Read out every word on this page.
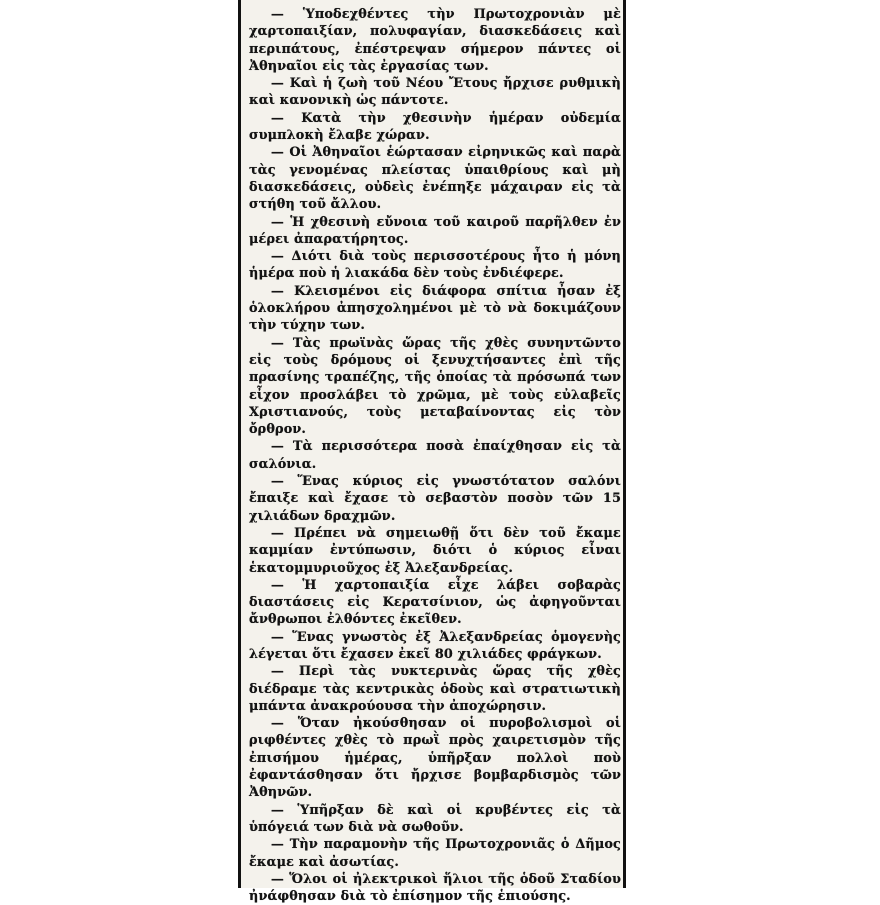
— Ὑποδεχθέντες τὴν Πρωτοχρονιὰν μὲ χαρτοπαιξίαν, πολυφαγίαν, διασκεδάσεις καὶ περιπάτους, ἐπέστρεψαν σήμερον πάντες οἱ Ἀθηναῖοι εἰς τὰς ἐργασίας των.

— Καὶ ἡ ζωὴ τοῦ Νέου Ἔτους ἤρχισε ρυθμικὴ καὶ κανονικὴ ὡς πάντοτε.

— Κατὰ τὴν χθεσινὴν ἡμέραν οὐδεμία συμπλοκὴ ἔλαβε χώραν.

— Οἱ Ἀθηναῖοι ἑώρτασαν εἰρηνικῶς καὶ παρὰ τὰς γενομένας πλείστας ὑπαιθρίους καὶ μὴ διασκεδάσεις, οὐδεὶς ἐνέπηξε μάχαιραν εἰς τὰ στήθη τοῦ ἄλλου.

— Ἡ χθεσινὴ εὔνοια τοῦ καιροῦ παρῆλθεν ἐν μέρει ἀπαρατήρητος.

— Διότι διὰ τοὺς περισσοτέρους ἦτο ἡ μόνη ἡμέρα ποὺ ἡ λιακάδα δὲν τοὺς ἐνδιέφερε.

— Κλεισμένοι εἰς διάφορα σπίτια ἦσαν ἐξ ὁλοκλήρου ἀπησχολημένοι μὲ τὸ νὰ δοκιμάζουν τὴν τύχην των.

— Τὰς πρωϊνὰς ὥρας τῆς χθὲς συνηντῶντο εἰς τοὺς δρόμους οἱ ξενυχτήσαντες ἐπὶ τῆς πρασίνης τραπέζης, τῆς ὁποίας τὰ πρόσωπά των εἶχον προσλάβει τὸ χρῶμα, μὲ τοὺς εὐλαβεῖς Χριστιανούς, τοὺς μεταβαίνοντας εἰς τὸν ὄρθρον.

— Τὰ περισσότερα ποσὰ ἐπαίχθησαν εἰς τὰ σαλόνια.

— Ἕνας κύριος εἰς γνωστότατον σαλόνι ἔπαιξε καὶ ἔχασε τὸ σεβαστὸν ποσὸν τῶν 15 χιλιάδων δραχμῶν.

— Πρέπει νὰ σημειωθῇ ὅτι δὲν τοῦ ἔκαμε καμμίαν ἐντύπωσιν, διότι ὁ κύριος εἶναι ἑκατομμυριοῦχος ἐξ Ἀλεξανδρείας.

— Ἡ χαρτοπαιξία εἶχε λάβει σοβαρὰς διαστάσεις εἰς Κερατσίνιον, ὡς ἀφηγοῦνται ἄνθρωποι ἐλθόντες ἐκεῖθεν.

— Ἕνας γνωστὸς ἐξ Ἀλεξανδρείας ὁμογενὴς λέγεται ὅτι ἔχασεν ἐκεῖ 80 χιλιάδες φράγκων.

— Περὶ τὰς νυκτερινὰς ὥρας τῆς χθὲς διέδραμε τὰς κεντρικὰς ὁδοὺς καὶ στρατιωτικὴ μπάντα ἀνακρούουσα τὴν ἀποχώρησιν.

— Ὅταν ἠκούσθησαν οἱ πυροβολισμοὶ οἱ ριφθέντες χθὲς τὸ πρωῒ πρὸς χαιρετισμὸν τῆς ἐπισήμου ἡμέρας, ὑπῆρξαν πολλοὶ ποὺ ἐφαντάσθησαν ὅτι ἤρχισε βομβαρδισμὸς τῶν Ἀθηνῶν.

— Ὑπῆρξαν δὲ καὶ οἱ κρυβέντες εἰς τὰ ὑπόγειά των διὰ νὰ σωθοῦν.

— Τὴν παραμονὴν τῆς Πρωτοχρονιᾶς ὁ Δῆμος ἔκαμε καὶ ἀσωτίας.

— Ὅλοι οἱ ἠλεκτρικοὶ ἥλιοι τῆς ὁδοῦ Σταδίου ἠνάφθησαν διὰ τὸ ἐπίσημον τῆς ἑπιούσης.
